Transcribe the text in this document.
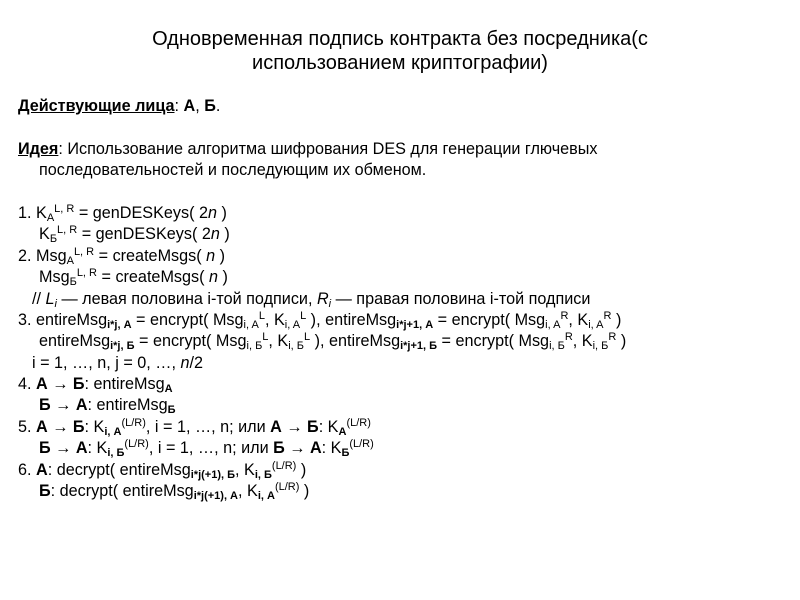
Одновременная подпись контракта без посредника(с
использованием криптографии)
Действующие лица: А, Б.
Идея: Использование алгоритма шифрования DES для генерации глючевых
последовательностей и последующим их обменом.
1. $K_A^{L, R}$ = genDESKeys( 2n )
$K_Б^{L, R}$ = genDESKeys( 2n )
2. Msg$_A^{L, R}$ = createMsgs( n )
Msg$_Б^{L, R}$ = createMsgs( n )
// $L_i$ — левая половина i-той подписи, $R_i$ — правая половина i-той подписи
3. entireMsg$_{i*j, А}$ = encrypt( Msg$_{i, A}^L$, $K_{i, A}^L$ ), entireMsg$_{i*j+1, А}$ = encrypt( Msg$_{i, A}^R$, $K_{i, A}^R$ )
entireMsg$_{i*j, Б}$ = encrypt( Msg$_{i, Б}^L$, $K_{i, Б}^L$ ), entireMsg$_{i*j+1, Б}$ = encrypt( Msg$_{i, Б}^R$, $K_{i, Б}^R$ )
i = 1, …, n, j = 0, …, n/2
4. А → Б: entireMsg$_А$
Б → А: entireMsg$_Б$
5. А → Б: $K_{i, А}^{(L/R)}$, i = 1, …, n; или А → Б: $K_А^{(L/R)}$
Б → А: $K_{i, Б}^{(L/R)}$, i = 1, …, n; или Б → А: $K_Б^{(L/R)}$
6. А: decrypt( entireMsg$_{i*j(+1), Б}$, $K_{i, Б}^{(L/R)}$ )
Б: decrypt( entireMsg$_{i*j(+1), А}$, $K_{i, А}^{(L/R)}$ )
